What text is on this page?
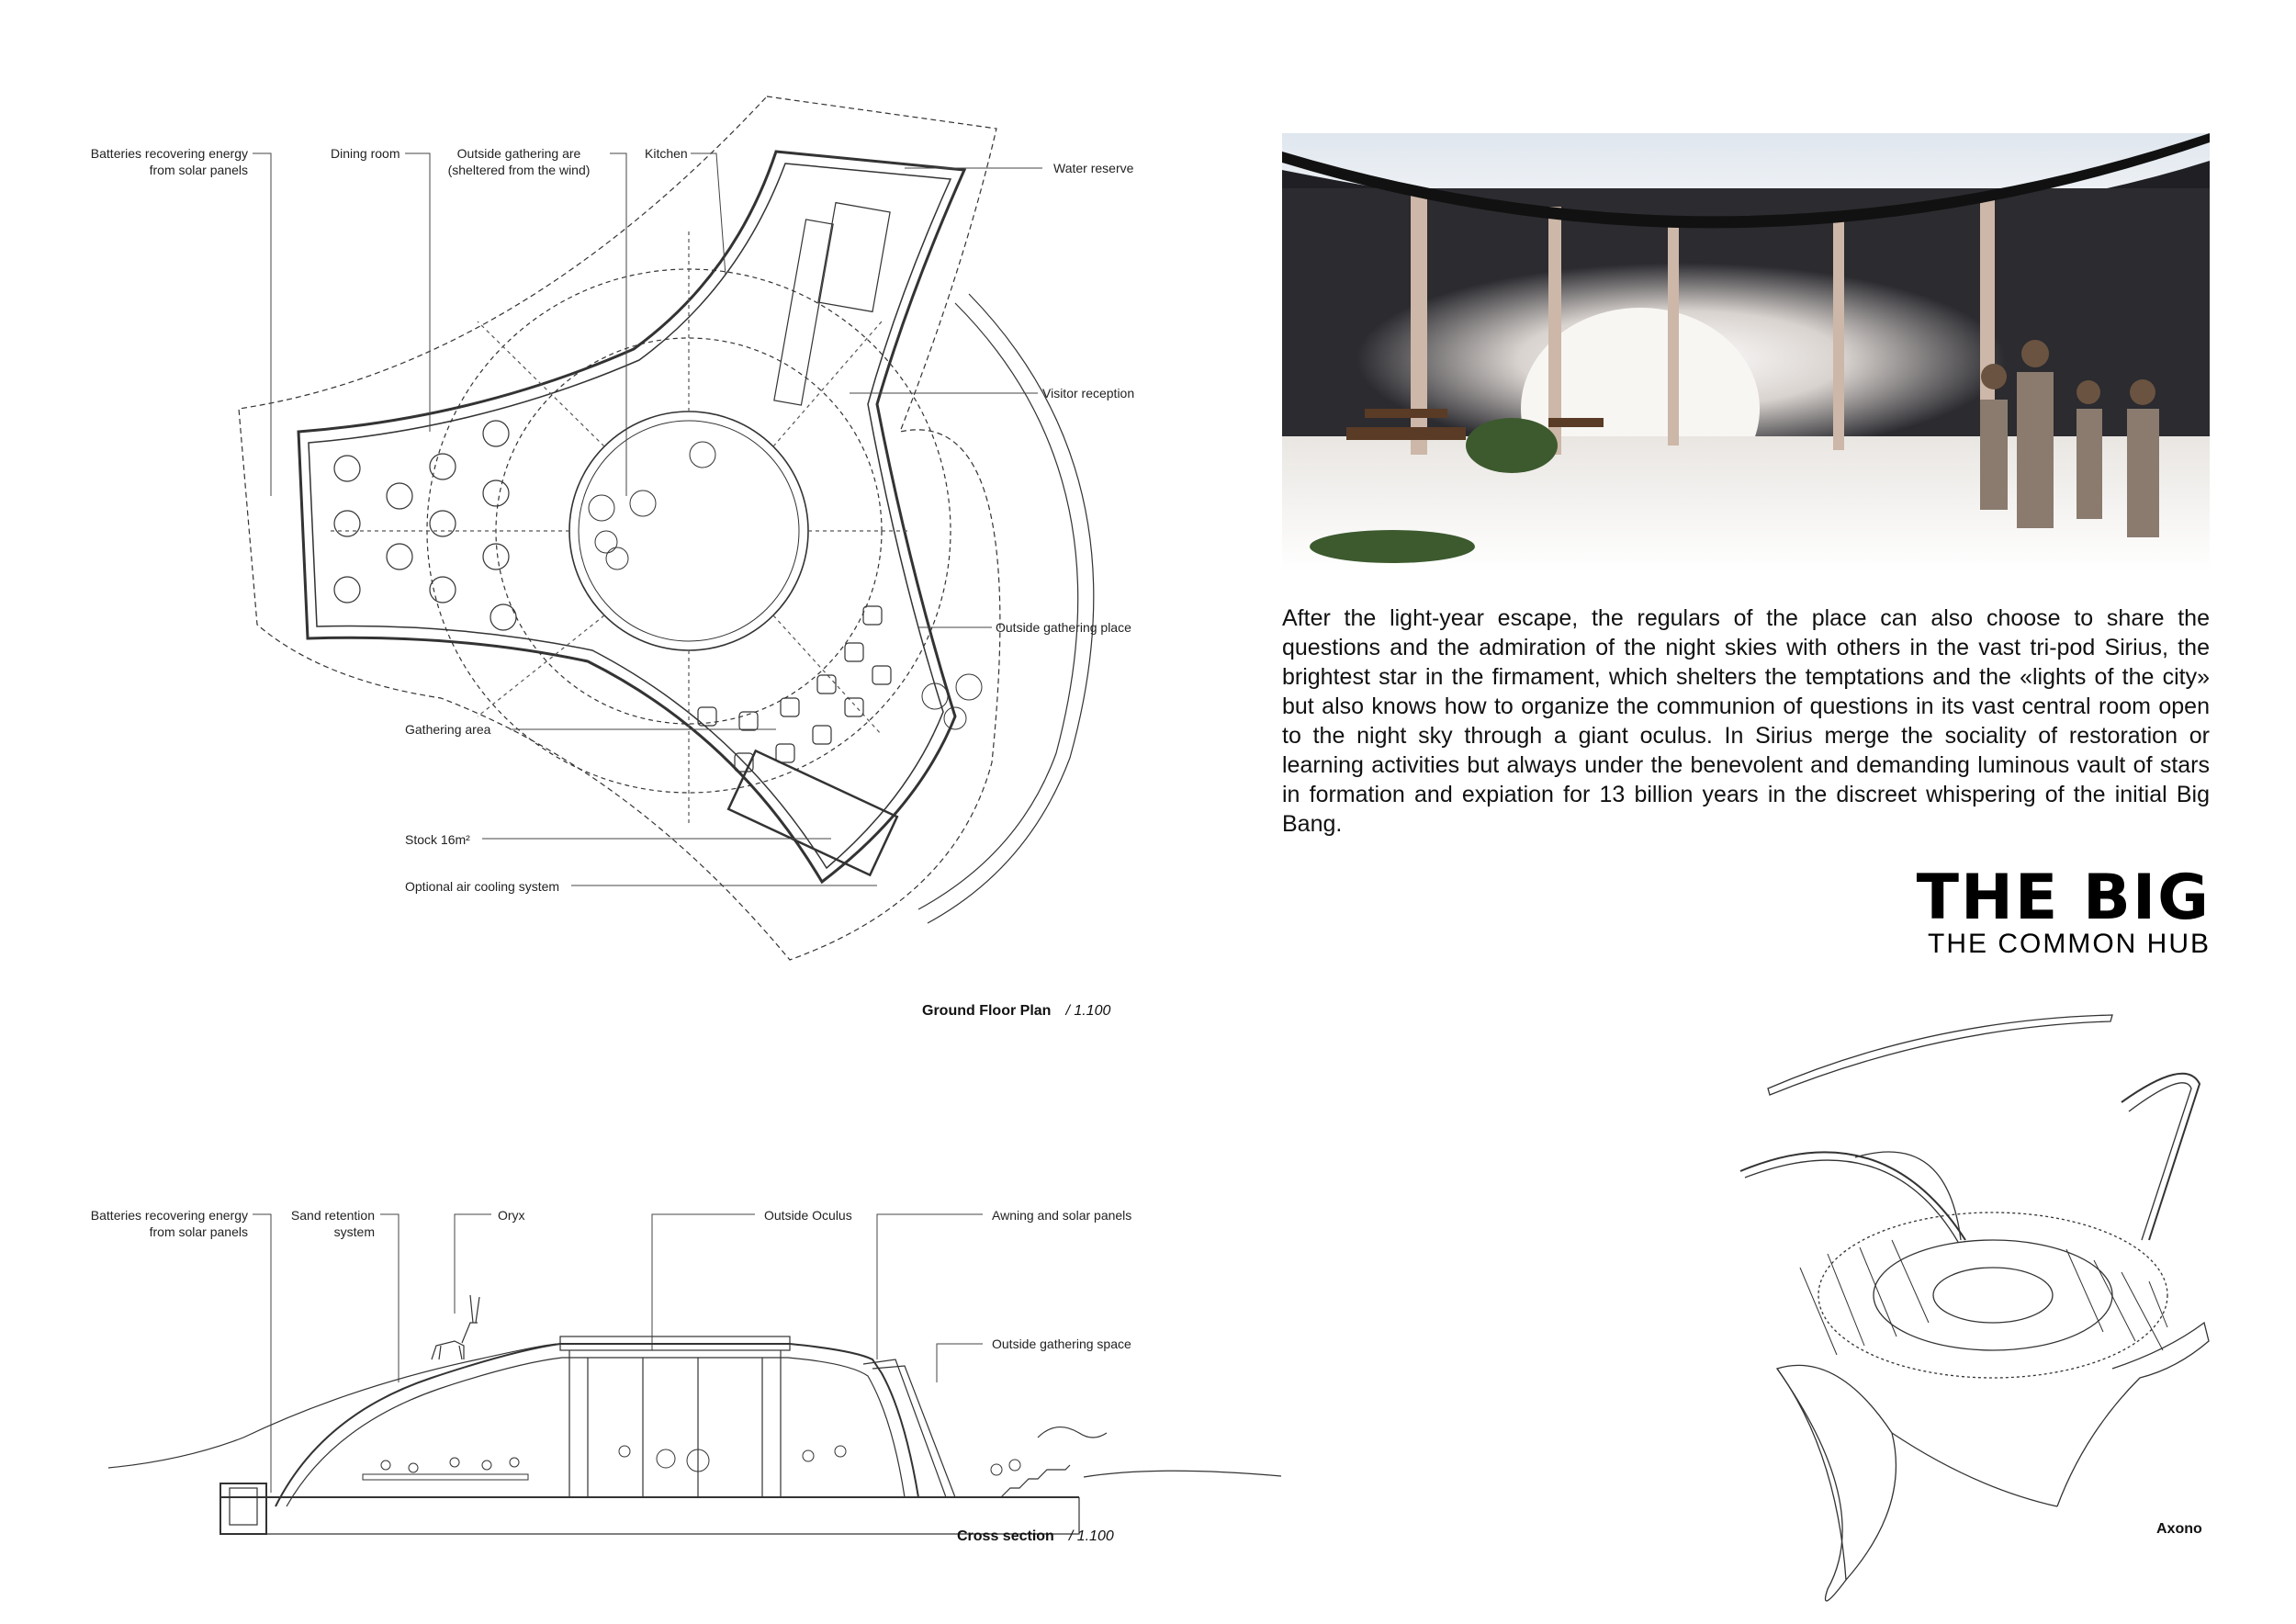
Batteries recovering energy
from solar panels
Dining room	Outside gathering are
(sheltered from the wind)
Kitchen
Water reserve
Visitor reception
Outside gathering place
Gathering area
Stock 16m²
Optional air cooling system
Ground Floor Plan / 1.100
Batteries recovering energy
from solar panels
Sand retention
system
Oryx	Outside Oculus	Awning and solar panels
Outside gathering space
Cross section / 1.100
After the light-year escape, the regulars of the place can also choose to share the questions and the admiration of the night skies with others in the vast tri-pod Sirius, the brightest star in the firmament, which shelters the temptations and the «lights of the city» but also knows how to organize the communion of questions in its vast central room open to the night sky through a giant oculus. In Sirius merge the sociality of restoration or learning activities but always under the benevolent and demanding luminous vault of stars in formation and expiation for 13 billion years in the discreet whispering of the initial Big Bang.
THE BIG
THE COMMON HUB
Axono
